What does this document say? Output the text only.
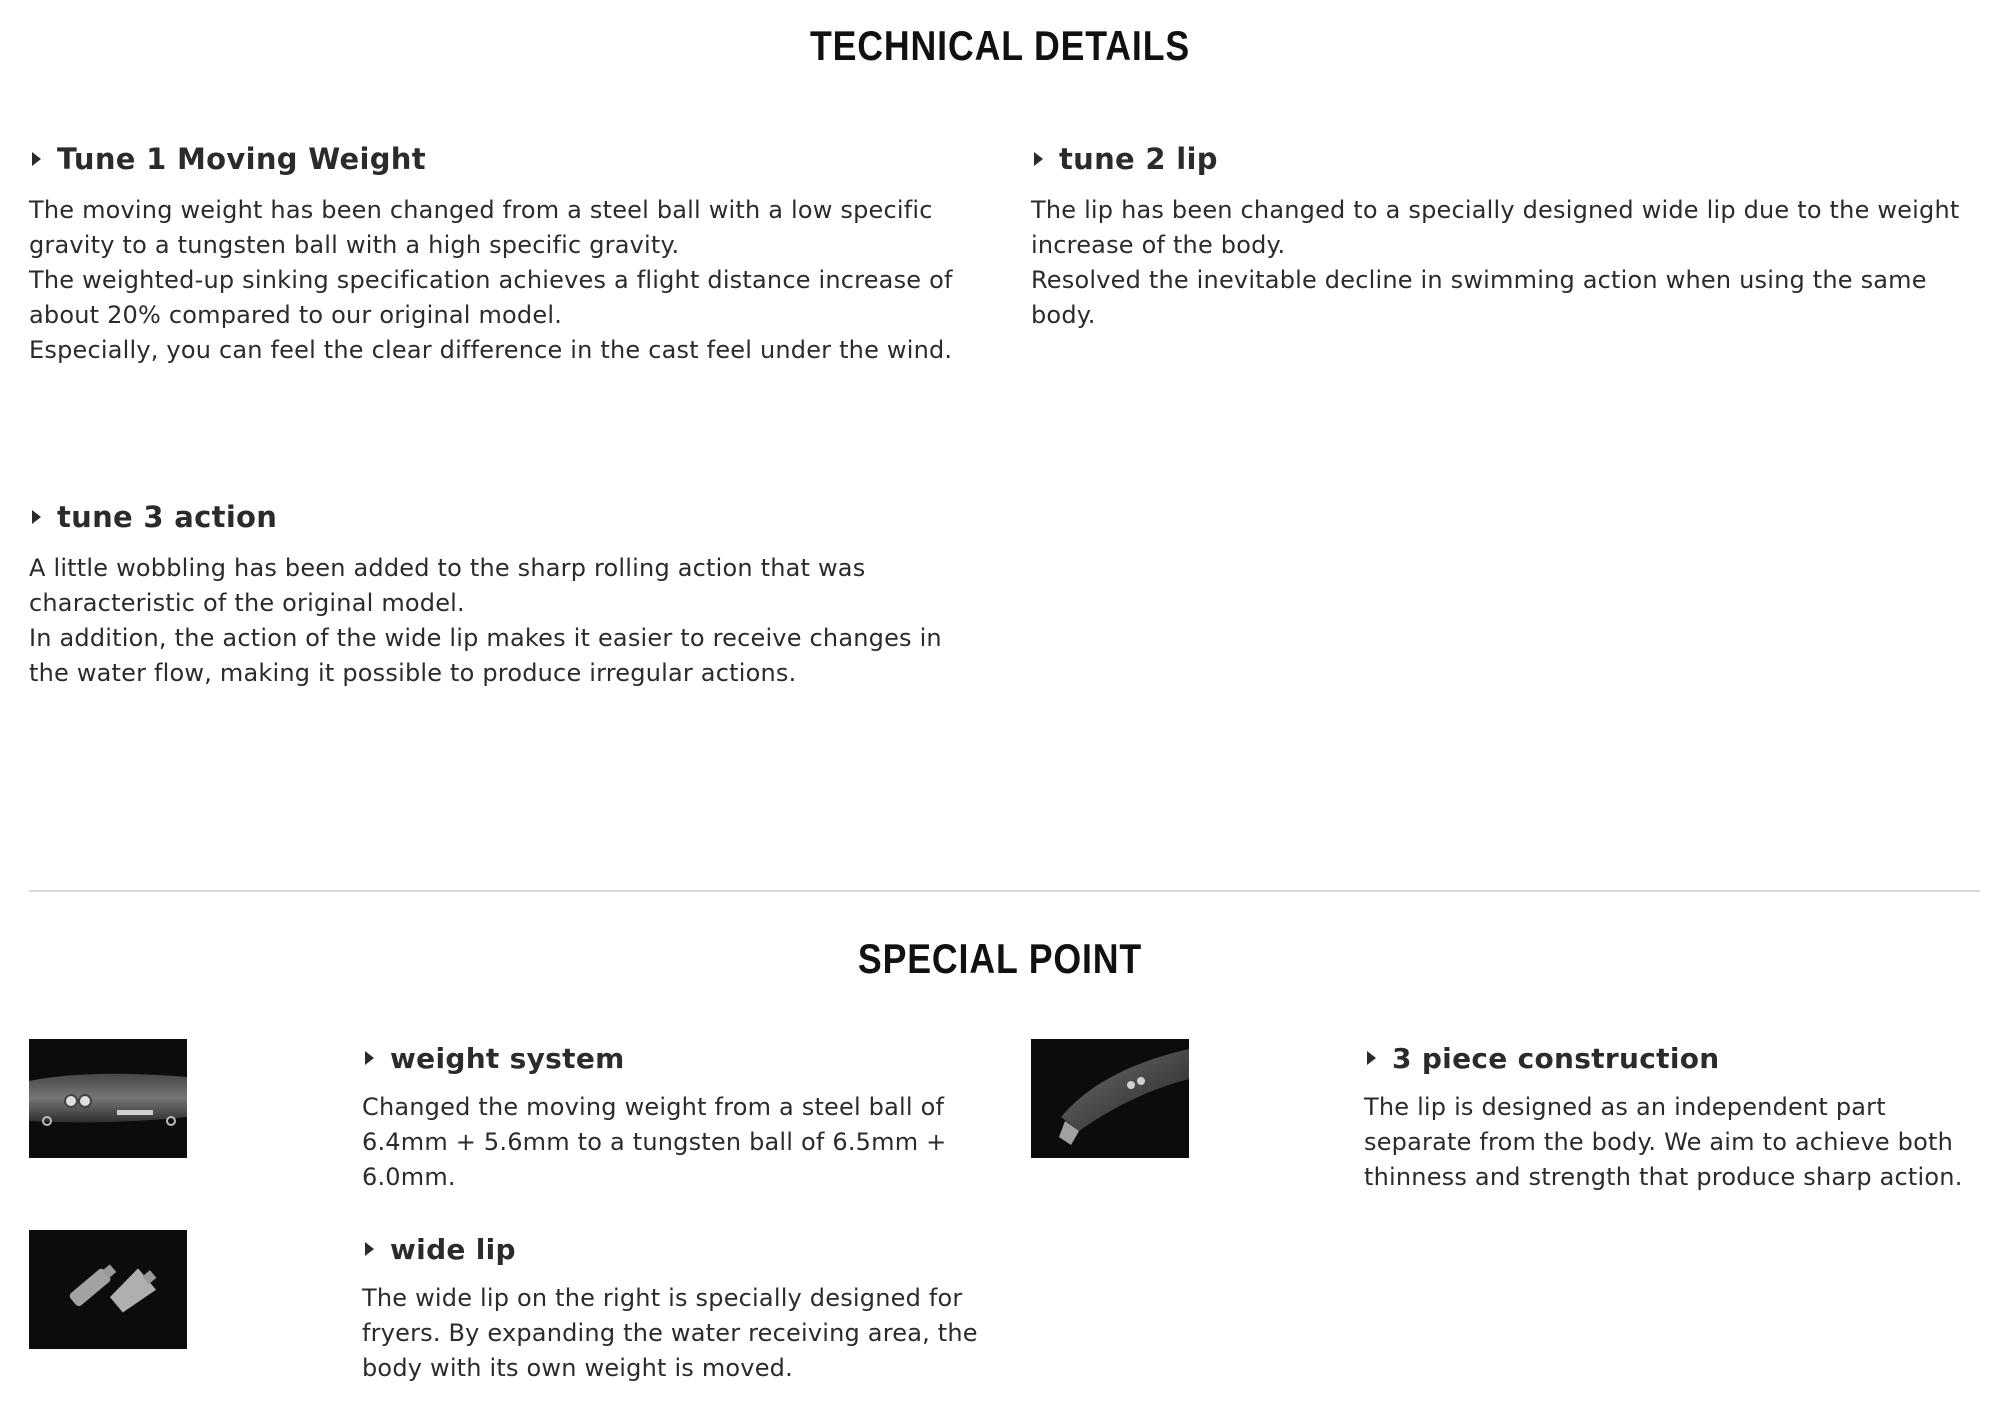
TECHNICAL DETAILS
Tune 1 Moving Weight

The moving weight has been changed from a steel ball with a low specific
gravity to a tungsten ball with a high specific gravity.
The weighted-up sinking specification achieves a flight distance increase of
about 20% compared to our original model.
Especially, you can feel the clear difference in the cast feel under the wind.

tune 2 lip

The lip has been changed to a specially designed wide lip due to the weight
increase of the body.
Resolved the inevitable decline in swimming action when using the same
body.

tune 3 action

A little wobbling has been added to the sharp rolling action that was
characteristic of the original model.
In addition, the action of the wide lip makes it easier to receive changes in
the water flow, making it possible to produce irregular actions.

SPECIAL POINT
weight system

Changed the moving weight from a steel ball of
6.4mm + 5.6mm to a tungsten ball of 6.5mm +
6.0mm.

3 piece construction

The lip is designed as an independent part
separate from the body. We aim to achieve both
thinness and strength that produce sharp action.

wide lip

The wide lip on the right is specially designed for
fryers. By expanding the water receiving area, the
body with its own weight is moved.
